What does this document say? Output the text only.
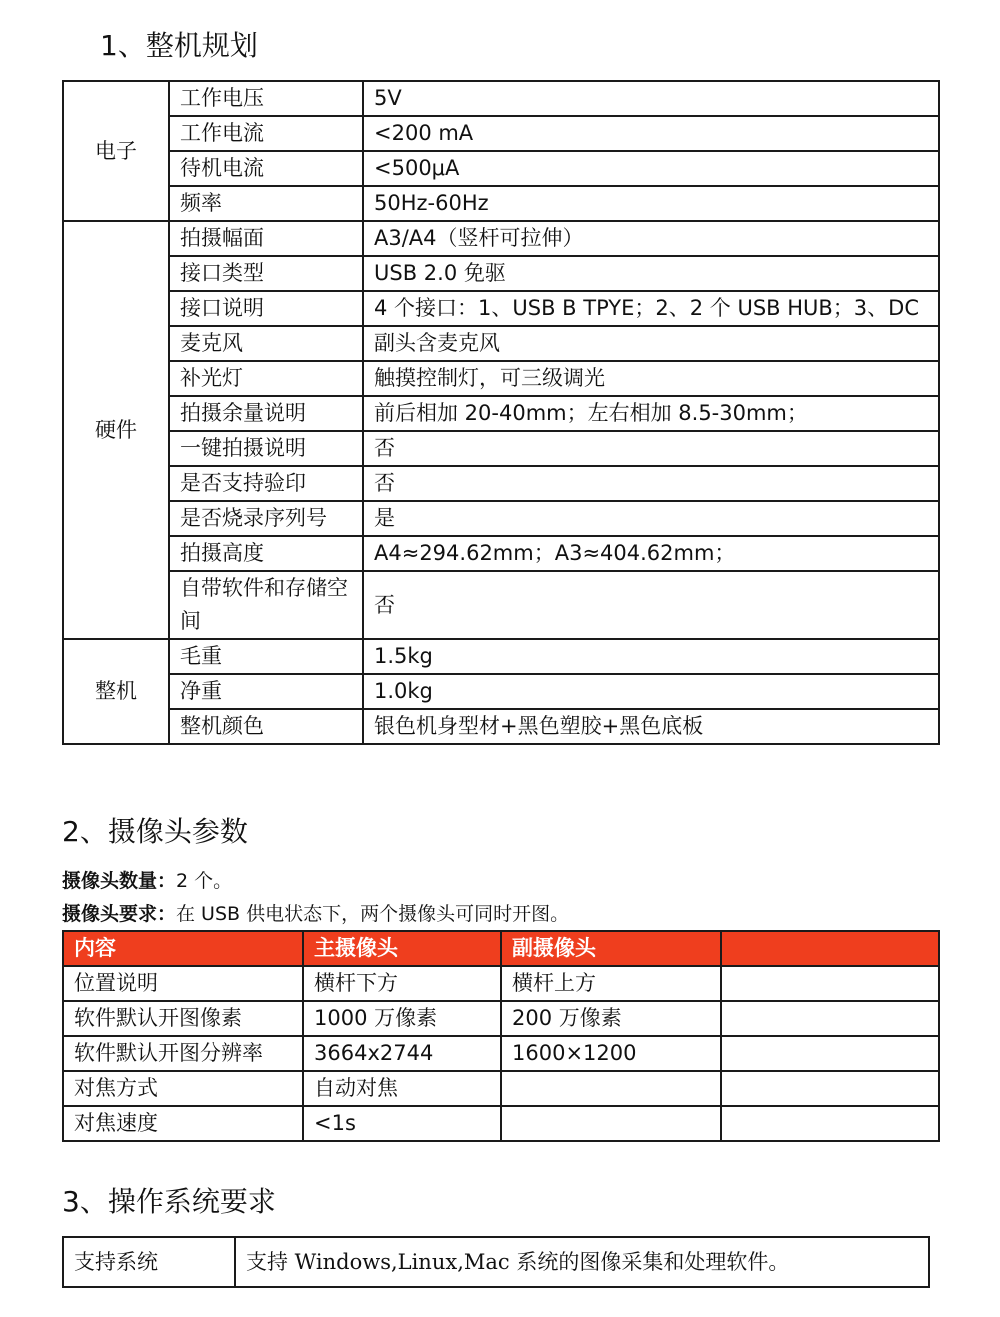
1、整机规划
电子	工作电压	5V
	工作电流	<200 mA
	待机电流	<500μA
	频率	50Hz-60Hz
硬件	拍摄幅面	A3/A4（竖杆可拉伸）
	接口类型	USB 2.0 免驱
	接口说明	4 个接口：1、USB B TPYE；2、2 个 USB HUB；3、DC
	麦克风	副头含麦克风
	补光灯	触摸控制灯，可三级调光
	拍摄余量说明	前后相加 20-40mm；左右相加 8.5-30mm；
	一键拍摄说明	否
	是否支持验印	否
	是否烧录序列号	是
	拍摄高度	A4≈294.62mm；A3≈404.62mm；
	自带软件和存储空间	否
整机	毛重	1.5kg
	净重	1.0kg
	整机颜色	银色机身型材+黑色塑胶+黑色底板
2、摄像头参数
摄像头数量：2 个。
摄像头要求：在 USB 供电状态下，两个摄像头可同时开图。
内容	主摄像头	副摄像头	
位置说明	横杆下方	横杆上方	
软件默认开图像素	1000 万像素	200 万像素	
软件默认开图分辨率	3664x2744	1600×1200	
对焦方式	自动对焦		
对焦速度	<1s		
3、操作系统要求
支持系统	支持 Windows,Linux,Mac 系统的图像采集和处理软件。
